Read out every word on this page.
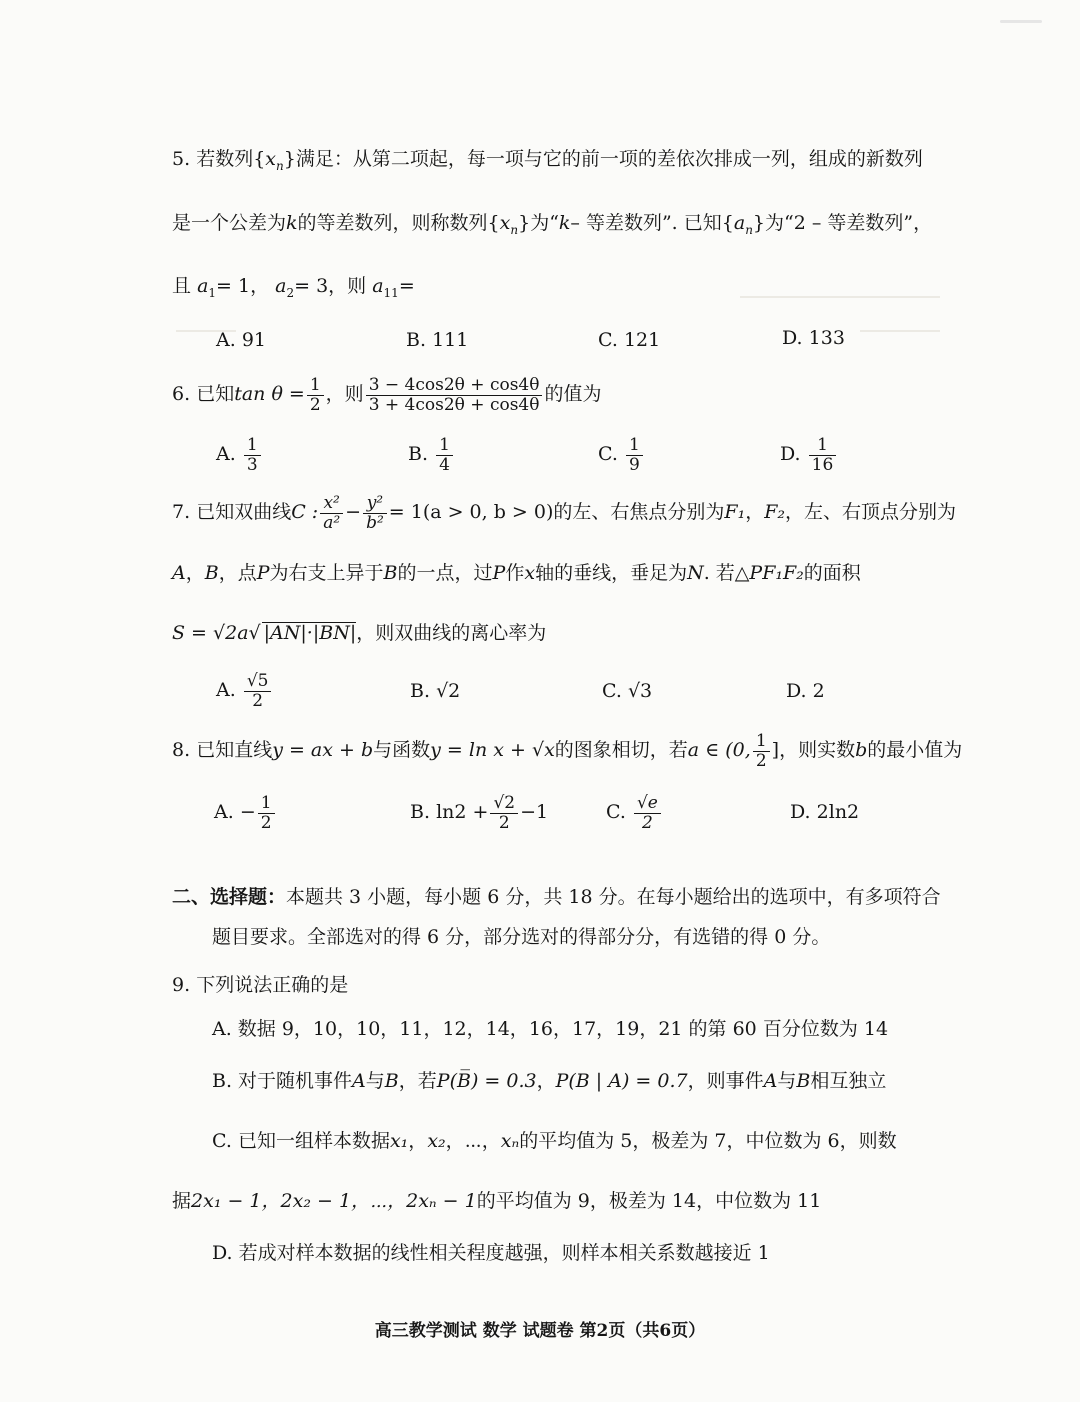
5. 若数列$\{x_n\}$满足：从第二项起，每一项与它的前一项的差依次排成一列，组成的新数列
是一个公差为k的等差数列，则称数列$\{x_n\}$为“k– 等差数列”. 已知$\{a_n\}$为“2 – 等差数列”，
且 $a_1= 1$， $a_2= 3$，则 $a_{11}=$
A. 91	B. 111	C. 121	D. 133
6. 已知$\tan \theta = \frac{1}{2}$ ，则 $\frac{3 - 4\cos 2\theta + \cos 4\theta}{3 + 4\cos 2\theta + \cos 4\theta}$ 的值为
A. $\frac{1}{3}$	B. $\frac{1}{4}$	C. $\frac{1}{9}$	D. $\frac{1}{16}$
7. 已知双曲线C : $\frac{\text{x²}}{\text{a²}} - \frac{\text{y²}}{\text{b²}} = 1(a > 0$, b > 0)的左、右焦点分别为F₁，F₂，左、右顶点分别为
A，B，点P为右支上异于B的一点，过P作x轴的垂线，垂足为N. 若△PF₁F₂的面积
S = √2a√ |AN|·|BN|，则双曲线的离心率为
A. $\frac{√5}{2}$	B. √2	C. √3	D. 2
8. 已知直线y = ax + b与函数y = ln x + √x的图象相切，若a ∈ (0, $\frac{1}{2}$ ]，则实数b的最小值为
A. − $\frac{1}{2}$	B. $\ln 2 + \frac{√2}{2} -1$	C. $\frac{√e}{2}$	D. 2ln2
二、选择题：本题共 3 小题，每小题 6 分，共 18 分。在每小题给出的选项中，有多项符合
题目要求。全部选对的得 6 分，部分选对的得部分分，有选错的得 0 分。
9. 下列说法正确的是
A. 数据 9，10，10，11，12，14，16，17，19，21 的第 60 百分位数为 14
B. 对于随机事件A与B，若P(B̅) = 0.3，P(B | A) = 0.7，则事件A与B相互独立
C. 已知一组样本数据x₁，x₂，⋯，xₙ的平均值为 5，极差为 7，中位数为 6，则数
据2x₁ − 1，2x₂ − 1，⋯，2xₙ − 1的平均值为 9，极差为 14，中位数为 11
D. 若成对样本数据的线性相关程度越强，则样本相关系数越接近 1
高三教学测试 数学 试题卷 第2页（共6页）
